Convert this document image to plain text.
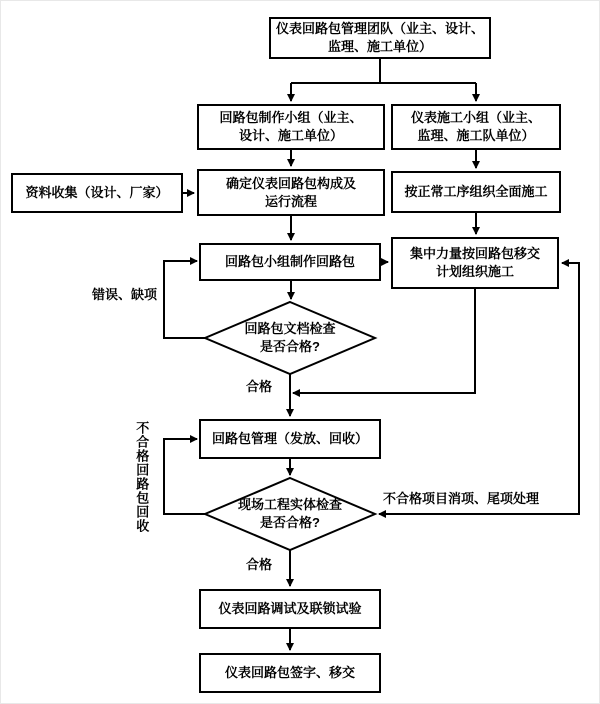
仪表回路包管理团队（业主、设计、监理、施工单位）
回路包制作小组（业主、设计、施工单位）
仪表施工小组（业主、监理、施工队单位）
资料收集（设计、厂家）
确定仪表回路包构成及运行流程
按正常工序组织全面施工
回路包小组制作回路包
集中力量按回路包移交计划组织施工
回路包文档检查是否合格?
回路包管理（发放、回收）
现场工程实体检查是否合格?
仪表回路调试及联锁试验
仪表回路包签字、移交
错误、缺项
合格
不合格回路包回收	不合格项目消项、尾项处理
合格
